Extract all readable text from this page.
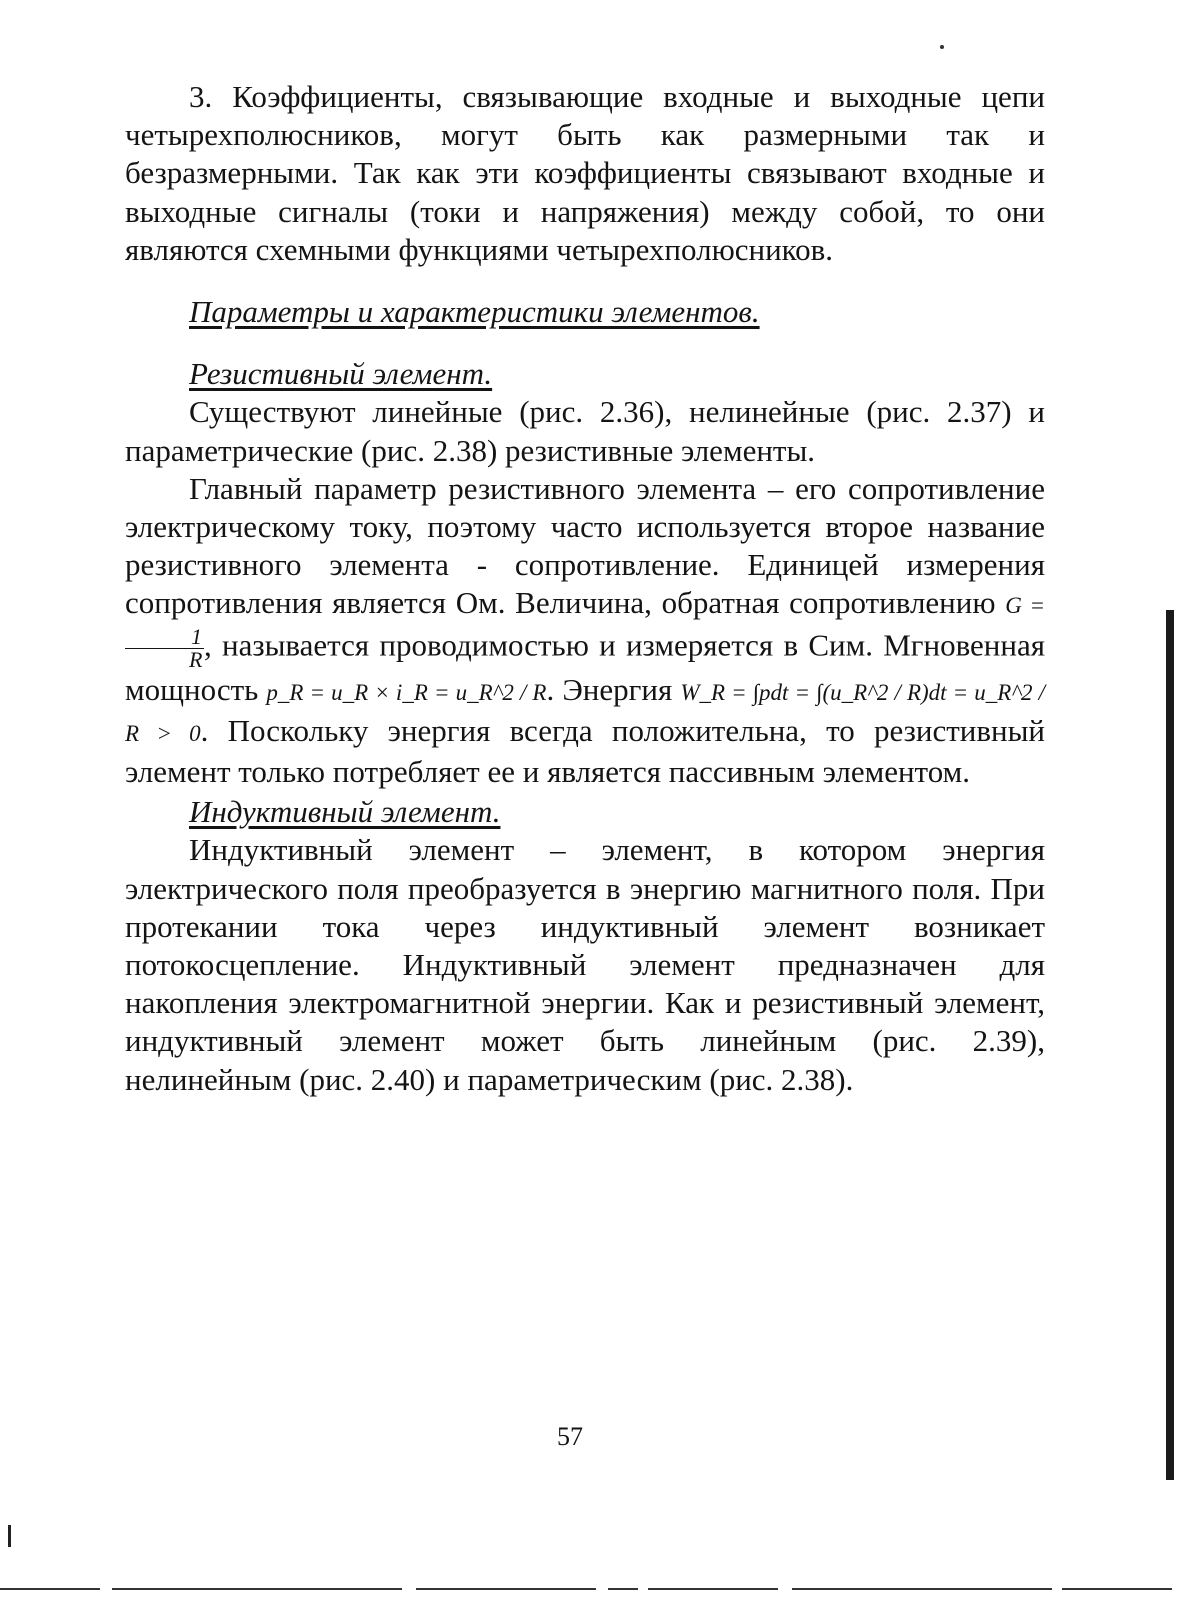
3. Коэффициенты, связывающие входные и выходные цепи четырехполюсников, могут быть как размерными так и безразмерными. Так как эти коэффициенты связывают входные и выходные сигналы (токи и напряжения) между собой, то они являются схемными функциями четырехполюсников.

Параметры и характеристики элементов.

Резистивный элемент.

Существуют линейные (рис. 2.36), нелинейные (рис. 2.37) и параметрические (рис. 2.38) резистивные элементы.

Главный параметр резистивного элемента – его сопротивление электрическому току, поэтому часто используется второе название резистивного элемента - сопротивление. Единицей измерения сопротивления является Ом. Величина, обратная сопротивлению G =
$\frac{1}{R}$ , называется проводимостью и измеряется в Сим. Мгновенная мощность p_R = u_R × i_R = u_R^2 / R. Энергия W_R = ∫pdt = ∫(u_R^2 / R)dt = u_R^2 / R > 0. Поскольку энергия всегда положительна, то резистивный элемент только потребляет ее и является пассивным элементом.

Индуктивный элемент.

Индуктивный элемент – элемент, в котором энергия электрического поля преобразуется в энергию магнитного поля. При протекании тока через индуктивный элемент возникает потокосцепление. Индуктивный элемент предназначен для накопления электромагнитной энергии. Как и резистивный элемент, индуктивный элемент может быть линейным (рис. 2.39), нелинейным (рис. 2.40) и параметрическим (рис. 2.38).

57
